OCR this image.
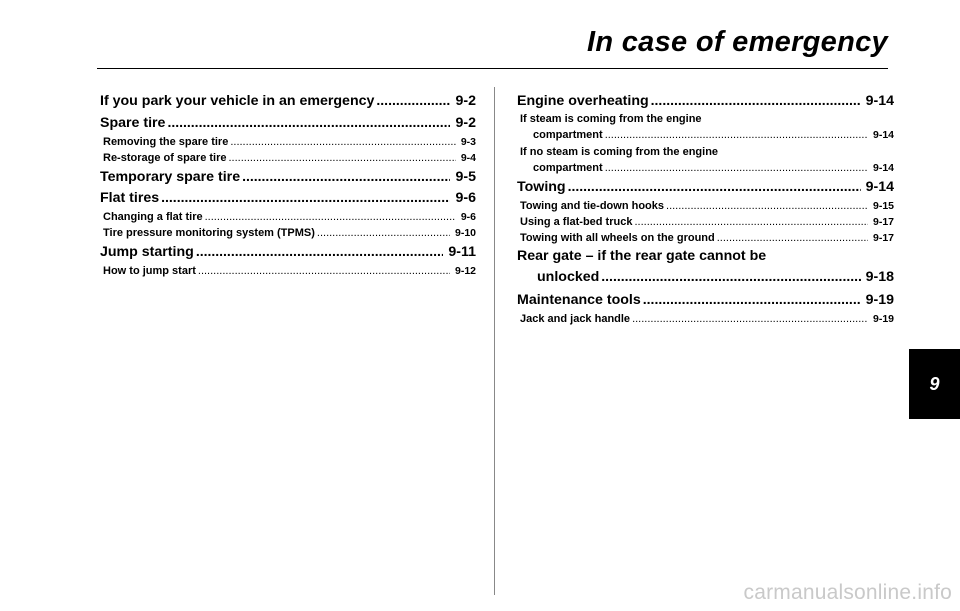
In case of emergency
If you park your vehicle in an emergency .....	9-2
Spare tire .....	9-2
Removing the spare tire .....	9-3
Re-storage of spare tire .....	9-4
Temporary spare tire .....	9-5
Flat tires .....	9-6
Changing a flat tire .....	9-6
Tire pressure monitoring system (TPMS) .....	9-10
Jump starting .....	9-11
How to jump start .....	9-12
Engine overheating .....	9-14
If steam is coming from the engine
compartment .....	9-14
If no steam is coming from the engine
compartment .....	9-14
Towing .....	9-14
Towing and tie-down hooks .....	9-15
Using a flat-bed truck .....	9-17
Towing with all wheels on the ground .....	9-17
Rear gate – if the rear gate cannot be
unlocked .....	9-18
Maintenance tools .....	9-19
Jack and jack handle .....	9-19
9
carmanualsonline.info
